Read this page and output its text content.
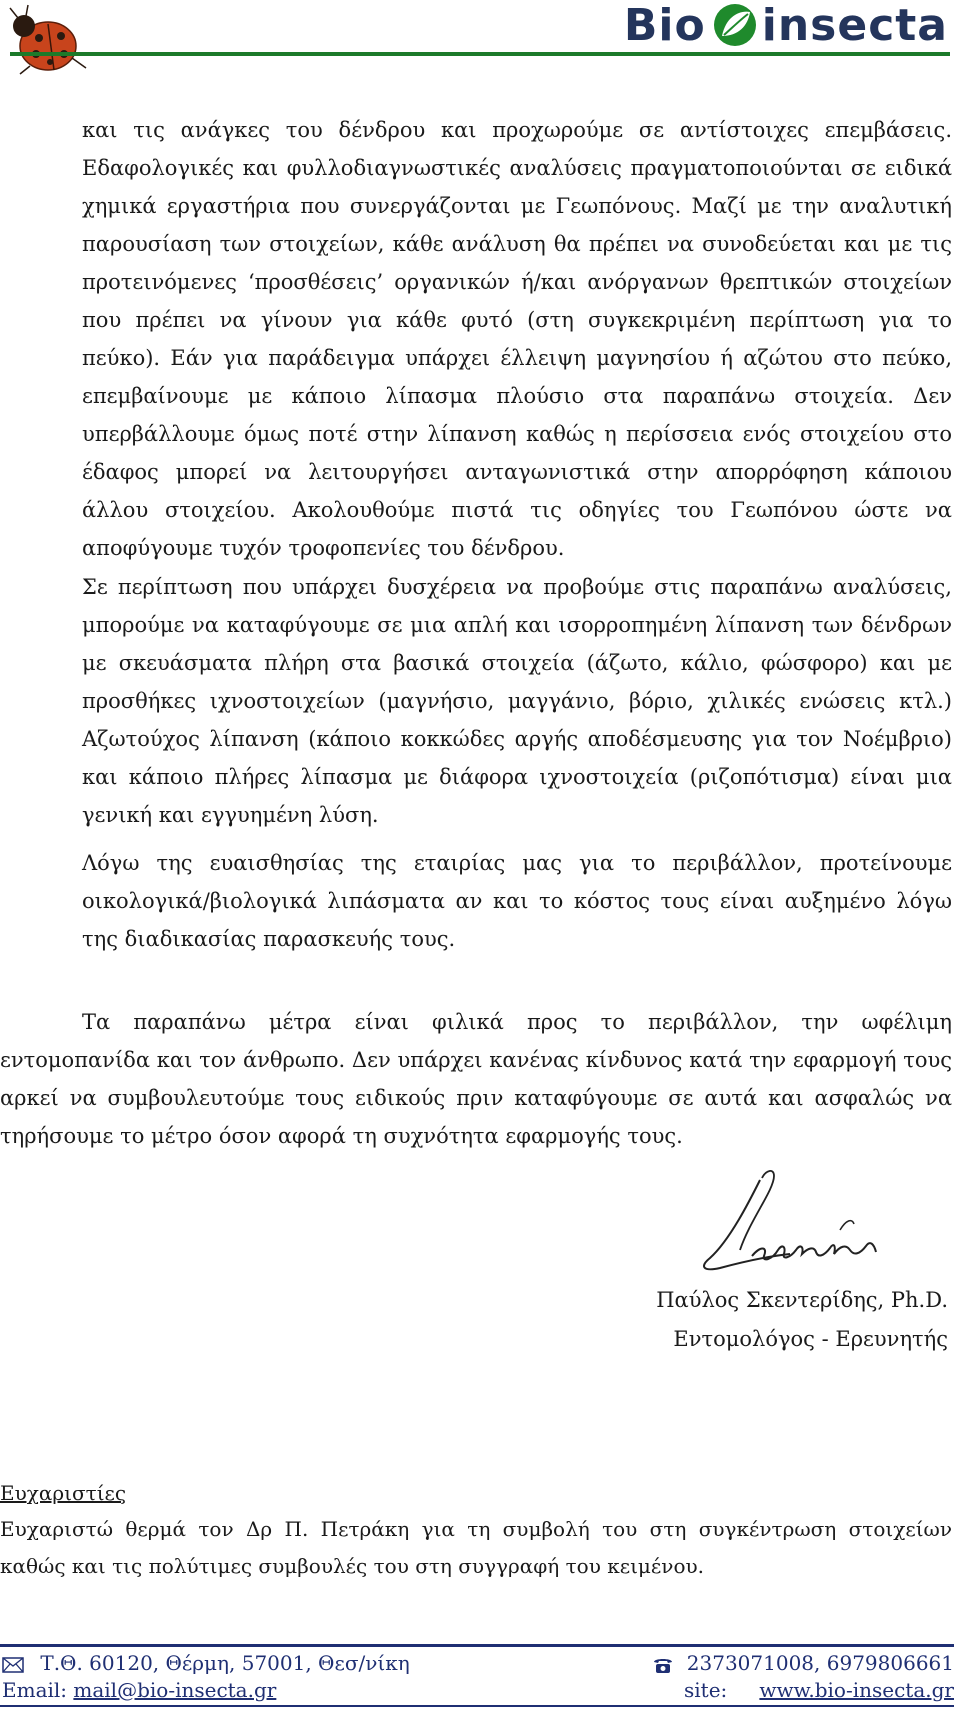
Bio insecta

και τις ανάγκες του δένδρου και προχωρούμε σε αντίστοιχες επεμβάσεις. Εδαφολογικές και φυλλοδιαγνωστικές αναλύσεις πραγματοποιούνται σε ειδικά χημικά εργαστήρια που συνεργάζονται με Γεωπόνους. Μαζί με την αναλυτική παρουσίαση των στοιχείων, κάθε ανάλυση θα πρέπει να συνοδεύεται και με τις προτεινόμενες ‘προσθέσεις’ οργανικών ή/και ανόργανων θρεπτικών στοιχείων που πρέπει να γίνουν για κάθε φυτό (στη συγκεκριμένη περίπτωση για το πεύκο). Εάν για παράδειγμα υπάρχει έλλειψη μαγνησίου ή αζώτου στο πεύκο, επεμβαίνουμε με κάποιο λίπασμα πλούσιο στα παραπάνω στοιχεία. Δεν υπερβάλλουμε όμως ποτέ στην λίπανση καθώς η περίσσεια ενός στοιχείου στο έδαφος μπορεί να λειτουργήσει ανταγωνιστικά στην απορρόφηση κάποιου άλλου στοιχείου. Ακολουθούμε πιστά τις οδηγίες του Γεωπόνου ώστε να αποφύγουμε τυχόν τροφοπενίες του δένδρου.

Σε περίπτωση που υπάρχει δυσχέρεια να προβούμε στις παραπάνω αναλύσεις, μπορούμε να καταφύγουμε σε μια απλή και ισορροπημένη λίπανση των δένδρων με σκευάσματα πλήρη στα βασικά στοιχεία (άζωτο, κάλιο, φώσφορο) και με προσθήκες ιχνοστοιχείων (μαγνήσιο, μαγγάνιο, βόριο, χιλικές ενώσεις κτλ.) Αζωτούχος λίπανση (κάποιο κοκκώδες αργής αποδέσμευσης για τον Νοέμβριο) και κάποιο πλήρες λίπασμα με διάφορα ιχνοστοιχεία (ριζοπότισμα) είναι μια γενική και εγγυημένη λύση.

Λόγω της ευαισθησίας της εταιρίας μας για το περιβάλλον, προτείνουμε οικολογικά/βιολογικά λιπάσματα αν και το κόστος τους είναι αυξημένο λόγω της διαδικασίας παρασκευής τους.

Τα παραπάνω μέτρα είναι φιλικά προς το περιβάλλον, την ωφέλιμη εντομοπανίδα και τον άνθρωπο. Δεν υπάρχει κανένας κίνδυνος κατά την εφαρμογή τους αρκεί να συμβουλευτούμε τους ειδικούς πριν καταφύγουμε σε αυτά και ασφαλώς να τηρήσουμε το μέτρο όσον αφορά τη συχνότητα εφαρμογής τους.

Παύλος Σκεντερίδης, Ph.D.
Εντομολόγος - Ερευνητής
Ευχαριστίες
Ευχαριστώ θερμά τον Δρ Π. Πετράκη για τη συμβολή του στη συγκέντρωση στοιχείων καθώς και τις πολύτιμες συμβουλές του στη συγγραφή του κειμένου.
Τ.Θ. 60120, Θέρμη, 57001, Θεσ/νίκη	2373071008, 6979806661
Email: mail@bio-insecta.gr	site: www.bio-insecta.gr
